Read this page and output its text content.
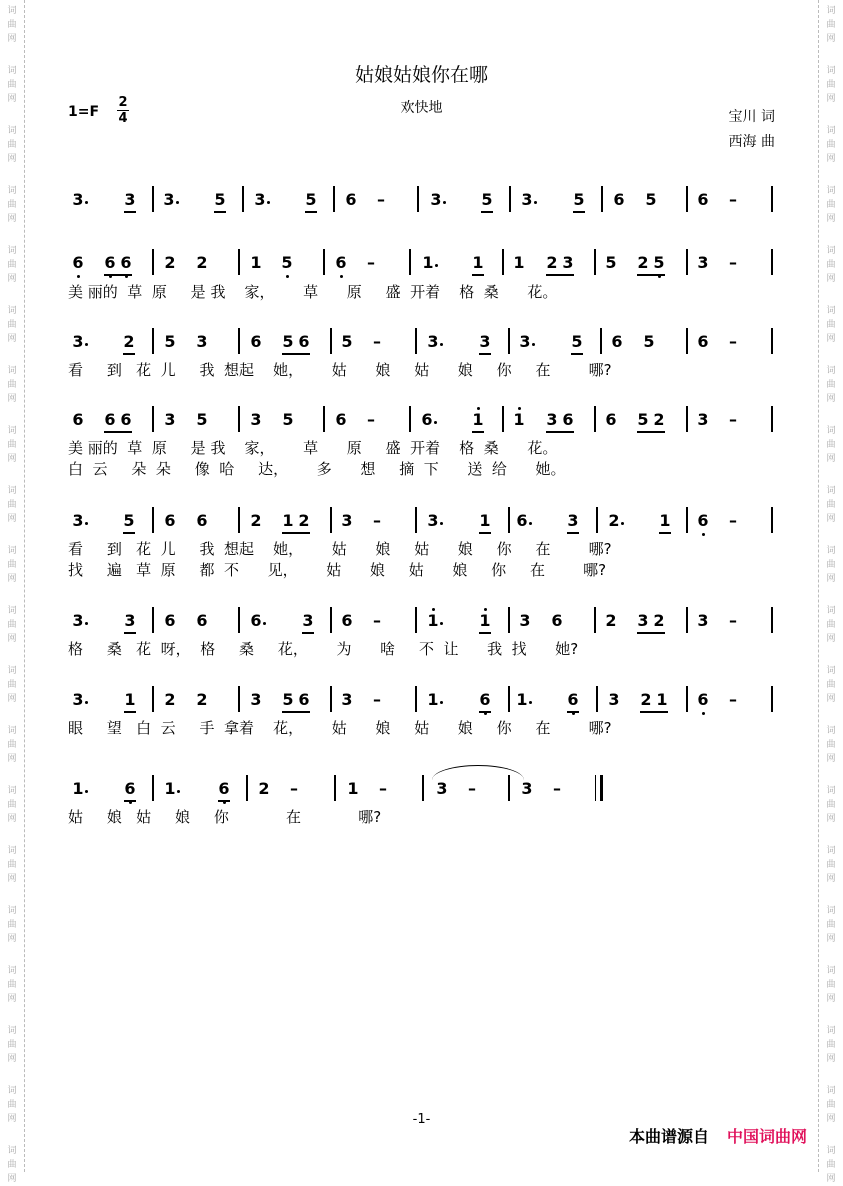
词
曲
网
词
曲
网
词
曲
网
词
曲
网
词
曲
网
词
曲
网
词
曲
网
词
曲
网
词
曲
网
词
曲
网
词
曲
网
词
曲
网
词
曲
网
词
曲
网
词
曲
网
词
曲
网
词
曲
网
词
曲
网
词
曲
网
词
曲
网
词
曲
网
词
曲
网
词
曲
网
词
曲
网
词
曲
网
词
曲
网
词
曲
网
词
曲
网
词
曲
网
词
曲
网
词
曲
网
词
曲
网
词
曲
网
词
曲
网
词
曲
网
词
曲
网
词
曲
网
词
曲
网
词
曲
网
词
曲
网
姑娘姑娘你在哪
欢快地
1=F
2
4	宝川 词
西海 曲
3	3 3 5 3 5 6 –	3 5 3	5 6 5	6 –
6 6 6 2 2	1 5	6 –	1 1 1 2 3 5 2 5 3 –
3 2 5 3	6 5 6 5 –	3	3 3	5 6 5	6 –
6 6 6 3 5	3 5	6 –	6 1 1 3 6 6 5 2 3 –
3 5 6 6	2 1 2 3 –	3	1 6 3 2 1 6 –
3	3 6 6	6	3 6 –	1	1 3 6	2 3 2 3 –
3	1 2 2	3 5 6 3 –	1	6 1 6 3 2 1 6 –
1	6 1	6 2 –	1 –	3 –	3 –
美 丽的  草  原     是 我    家，      草      原     盛  开着    格  桑      花。
看     到   花  儿     我  想起    她，      姑      娘     姑      娘     你     在        哪?
美 丽的  草  原     是 我    家，      草      原     盛  开着    格  桑      花。
白  云     朵  朵     像  哈     达，      多      想     摘  下      送  给      她。
看     到   花  儿     我  想起    她，      姑      娘     姑      娘     你     在        哪?
找     遍   草  原     都  不      见，      姑      娘     姑      娘     你     在        哪?
格     桑   花  呀，  格     桑     花，      为      啥     不  让      我  找      她?
眼     望   白  云     手  拿着    花，      姑      娘     姑      娘     你     在        哪?
姑     娘   姑     娘     你            在            哪?
-1-
本曲谱源自 中国词曲网
